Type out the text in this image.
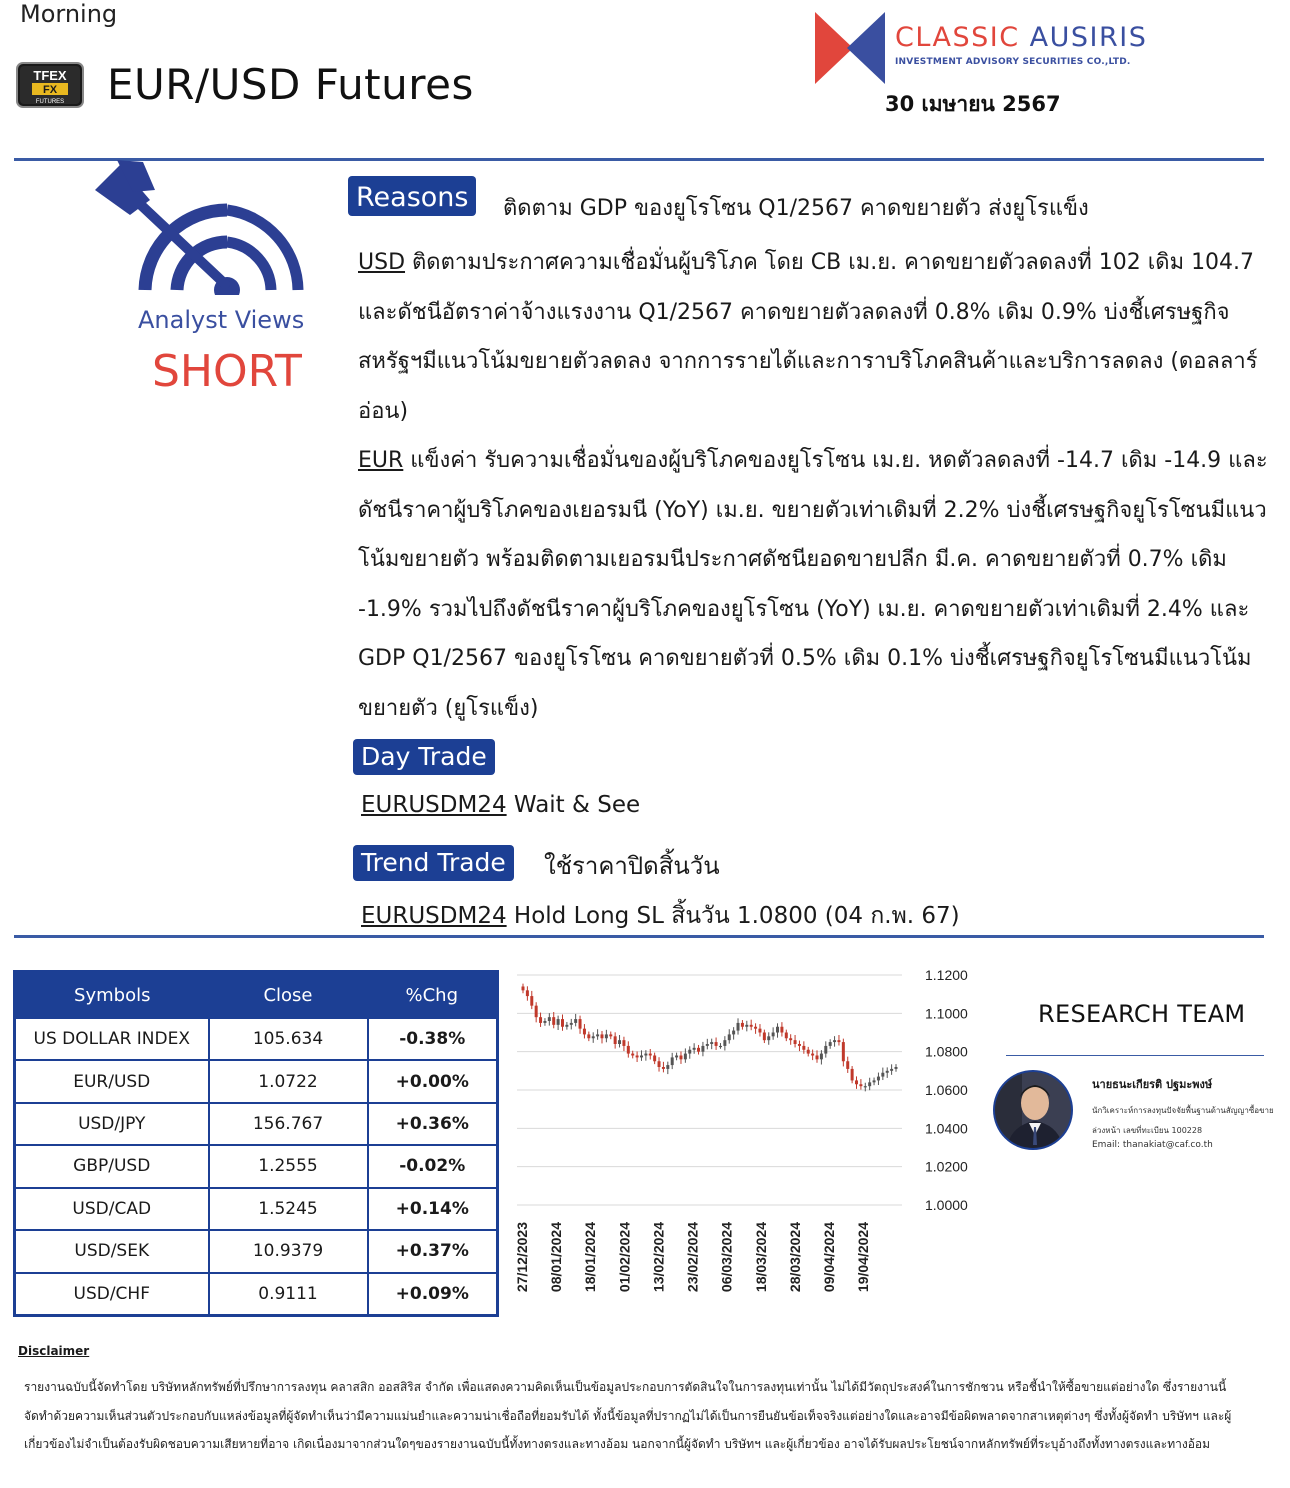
Morning
TFEX
FX
FUTURES EUR/USD Futures
CLASSIC AUSIRIS
INVESTMENT ADVISORY SECURITIES CO.,LTD.
30 เมษายน 2567
Analyst Views
SHORT
Reasons	ติดตาม GDP ของยูโรโซน Q1/2567 คาดขยายตัว ส่งยูโรแข็ง
USD ติดตามประกาศความเชื่อมั่นผู้บริโภค โดย CB เม.ย. คาดขยายตัวลดลงที่ 102 เดิม 104.7 และดัชนีอัตราค่าจ้างแรงงาน Q1/2567 คาดขยายตัวลดลงที่ 0.8% เดิม 0.9% บ่งชี้เศรษฐกิจสหรัฐฯมีแนวโน้มขยายตัวลดลง จากการรายได้และการาบริโภคสินค้าและบริการลดลง (ดอลลาร์อ่อน)
EUR แข็งค่า รับความเชื่อมั่นของผู้บริโภคของยูโรโซน เม.ย. หดตัวลดลงที่ -14.7 เดิม -14.9 และดัชนีราคาผู้บริโภคของเยอรมนี (YoY) เม.ย. ขยายตัวเท่าเดิมที่ 2.2% บ่งชี้เศรษฐกิจยูโรโซนมีแนวโน้มขยายตัว พร้อมติดตามเยอรมนีประกาศดัชนียอดขายปลีก มี.ค. คาดขยายตัวที่ 0.7% เดิม -1.9% รวมไปถึงดัชนีราคาผู้บริโภคของยูโรโซน (YoY) เม.ย. คาดขยายตัวเท่าเดิมที่ 2.4% และ GDP Q1/2567 ของยูโรโซน คาดขยายตัวที่ 0.5% เดิม 0.1% บ่งชี้เศรษฐกิจยูโรโซนมีแนวโน้มขยายตัว (ยูโรแข็ง)
Day Trade
EURUSDM24 Wait & See
Trend Trade	ใช้ราคาปิดสิ้นวัน
EURUSDM24 Hold Long SL สิ้นวัน 1.0800 (04 ก.พ. 67)
Symbols	Close	%Chg
US DOLLAR INDEX	105.634	-0.38%
EUR/USD	1.0722	+0.00%
USD/JPY	156.767	+0.36%
GBP/USD	1.2555	-0.02%
USD/CAD	1.5245	+0.14%
USD/SEK	10.9379	+0.37%
USD/CHF	0.9111	+0.09%
1.1200
1.1000
1.0800
1.0600
1.0400
1.0200
1.0000
27/12/2023 08/01/2024 18/01/2024 01/02/2024 13/02/2024 23/02/2024 06/03/2024 18/03/2024 28/03/2024 09/04/2024 19/04/2024
RESEARCH TEAM
นายธนะเกียรติ ปฐมะพงษ์
นักวิเคราะห์การลงทุนปัจจัยพื้นฐานด้านสัญญาซื้อขายล่วงหน้า เลขที่ทะเบียน 100228
Email: thanakiat@caf.co.th
Disclaimer
รายงานฉบับนี้จัดทำโดย บริษัทหลักทรัพย์ที่ปรึกษาการลงทุน คลาสสิก ออสสิริส จำกัด เพื่อแสดงความคิดเห็นเป็นข้อมูลประกอบการตัดสินใจในการลงทุนเท่านั้น ไม่ได้มีวัตถุประสงค์ในการชักชวน หรือชี้นำให้ซื้อขายแต่อย่างใด ซึ่งรายงานนี้ จัดทำด้วยความเห็นส่วนตัวประกอบกับแหล่งข้อมูลที่ผู้จัดทำเห็นว่ามีความแม่นยำและความน่าเชื่อถือที่ยอมรับได้ ทั้งนี้ข้อมูลที่ปรากฏไม่ได้เป็นการยืนยันข้อเท็จจริงแต่อย่างใดและอาจมีข้อผิดพลาดจากสาเหตุต่างๆ ซึ่งทั้งผู้จัดทำ บริษัทฯ และผู้เกี่ยวข้องไม่จำเป็นต้องรับผิดชอบความเสียหายที่อาจ เกิดเนื่องมาจากส่วนใดๆของรายงานฉบับนี้ทั้งทางตรงและทางอ้อม นอกจากนี้ผู้จัดทำ บริษัทฯ และผู้เกี่ยวข้อง อาจได้รับผลประโยชน์จากหลักทรัพย์ที่ระบุอ้างถึงทั้งทางตรงและทางอ้อม
